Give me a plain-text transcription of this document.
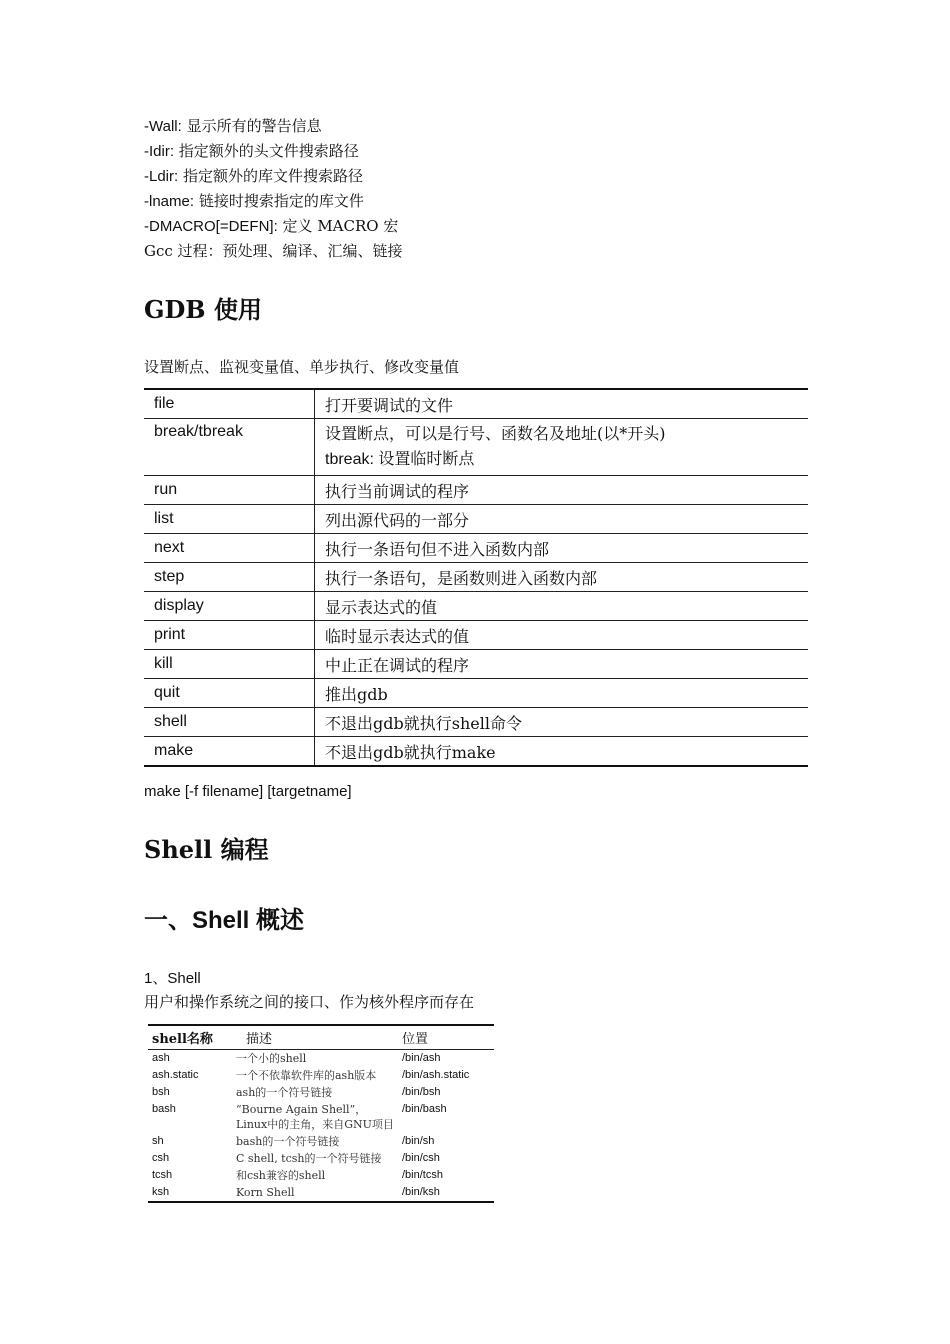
-Wall: 显示所有的警告信息
-Idir: 指定额外的头文件搜索路径
-Ldir: 指定额外的库文件搜索路径
-lname: 链接时搜索指定的库文件
-DMACRO[=DEFN]: 定义 MACRO 宏
Gcc 过程：预处理、编译、汇编、链接
GDB 使用
设置断点、监视变量值、单步执行、修改变量值
file	打开要调试的文件
break/tbreak	设置断点，可以是行号、函数名及地址(以*开头)
tbreak: 设置临时断点

run	执行当前调试的程序
list	列出源代码的一部分
next	执行一条语句但不进入函数内部
step	执行一条语句，是函数则进入函数内部
display	显示表达式的值
print	临时显示表达式的值
kill	中止正在调试的程序
quit	推出gdb
shell	不退出gdb就执行shell命令
make	不退出gdb就执行make
make [-f filename] [targetname]
Shell 编程
一、Shell 概述
1、Shell
用户和操作系统之间的接口、作为核外程序而存在
shell名称	描述	位置
ash	一个小的shell	/bin/ash
ash.static	一个不依靠软件库的ash版本	/bin/ash.static
bsh	ash的一个符号链接	/bin/bsh
bash	“Bourne Again Shell”，Linux中的主角，来自GNU项目	/bin/bash
sh	bash的一个符号链接	/bin/sh
csh	C shell, tcsh的一个符号链接	/bin/csh
tcsh	和csh兼容的shell	/bin/tcsh
ksh	Korn Shell	/bin/ksh
